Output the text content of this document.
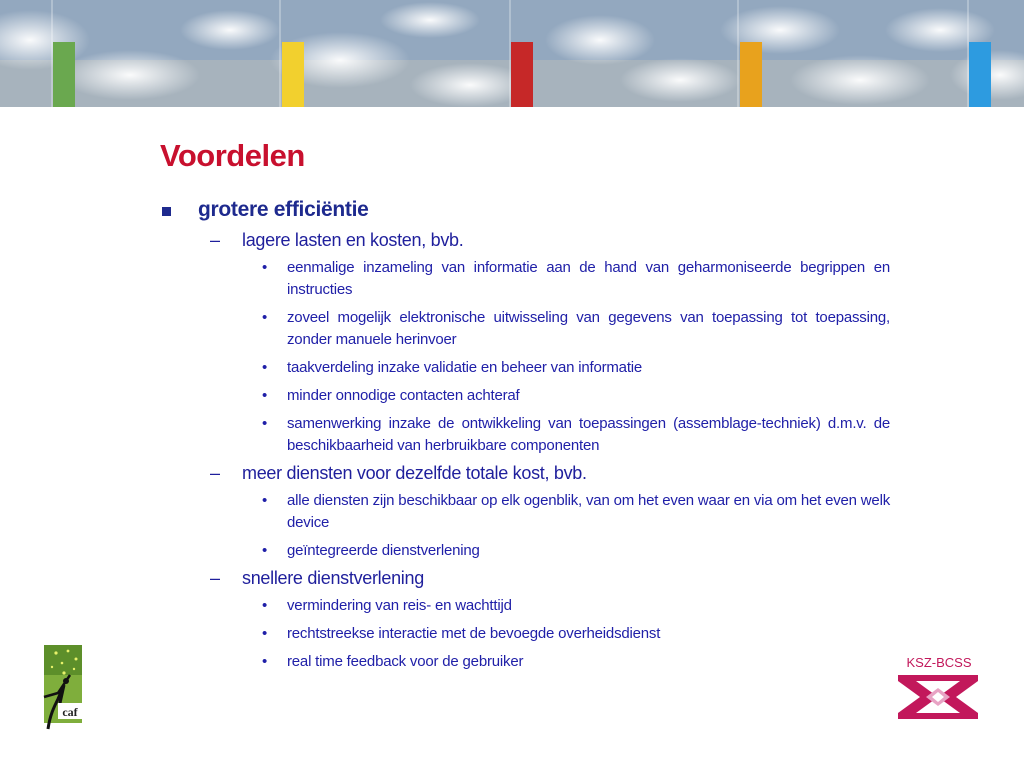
Voordelen
grotere efficiëntie
– lagere lasten en kosten, bvb.
• eenmalige inzameling van informatie aan de hand van geharmoniseerde begrippen en instructies
• zoveel mogelijk elektronische uitwisseling van gegevens van toepassing tot toepassing, zonder manuele herinvoer
• taakverdeling inzake validatie en beheer van informatie
• minder onnodige contacten achteraf
• samenwerking inzake de ontwikkeling van toepassingen (assemblage-techniek) d.m.v. de beschikbaarheid van herbruikbare componenten
– meer diensten voor dezelfde totale kost, bvb.
• alle diensten zijn beschikbaar op elk ogenblik, van om het even waar en via om het even welk device
• geïntegreerde dienstverlening
– snellere dienstverlening
• vermindering van reis- en wachttijd
• rechtstreekse interactie met de bevoegde overheidsdienst
• real time feedback voor de gebruiker
caf
KSZ-BCSS
